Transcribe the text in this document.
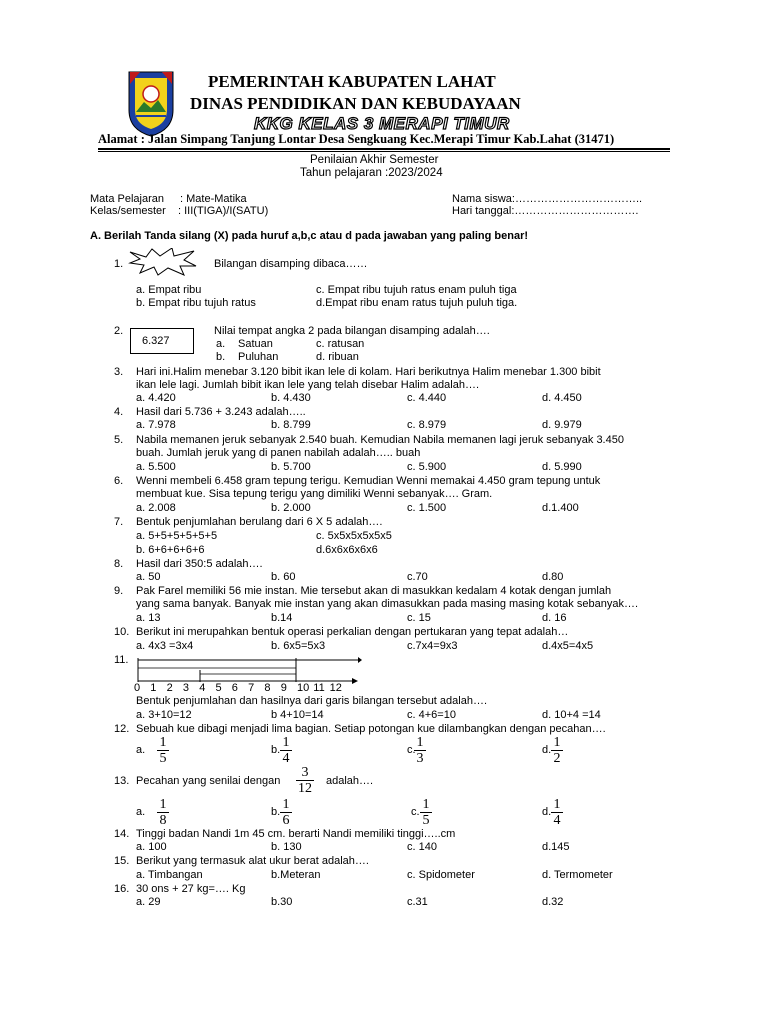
PEMERINTAH KABUPATEN LAHAT
DINAS PENDIDIKAN DAN KEBUDAYAAN
KKG KELAS 3 MERAPI TIMUR
Alamat : Jalan Simpang Tanjung Lontar Desa Sengkuang Kec.Merapi Timur Kab.Lahat (31471)
Penilaian Akhir Semester
Tahun pelajaran :2023/2024
Mata Pelajaran : Mate-Matika
Kelas/semester : III(TIGA)/I(SATU)
Nama siswa:……………………………..
Hari tanggal:…………………………….
A. Berilah Tanda silang (X) pada huruf a,b,c atau d pada jawaban yang paling benar!
1.	Bilangan disamping dibaca……
a. Empat ribu	c. Empat ribu tujuh ratus enam puluh tiga
b. Empat ribu tujuh ratus	d.Empat ribu enam ratus tujuh puluh tiga.
2.
6.327
Nilai tempat angka 2 pada bilangan disamping adalah….
a. Satuan	c. ratusan
b. Puluhan	d. ribuan
3. Hari ini.Halim menebar 3.120 bibit ikan lele di kolam. Hari berikutnya Halim menebar 1.300 bibit
ikan lele lagi. Jumlah bibit ikan lele yang telah disebar Halim adalah….
a. 4.420	b. 4.430	c. 4.440	d. 4.450
4. Hasil dari 5.736 + 3.243 adalah…..
a. 7.978	b. 8.799	c. 8.979	d. 9.979
5. Nabila memanen jeruk sebanyak 2.540 buah. Kemudian Nabila memanen lagi jeruk sebanyak 3.450
buah. Jumlah jeruk yang di panen nabilah adalah….. buah
a. 5.500	b. 5.700	c. 5.900	d. 5.990
6. Wenni membeli 6.458 gram tepung terigu. Kemudian Wenni memakai 4.450 gram tepung untuk
membuat kue. Sisa tepung terigu yang dimiliki Wenni sebanyak…. Gram.
a. 2.008	b. 2.000	c. 1.500	d.1.400
7. Bentuk penjumlahan berulang dari 6 X 5 adalah….
a. 5+5+5+5+5+5	c. 5x5x5x5x5x5
b. 6+6+6+6+6	d.6x6x6x6x6
8. Hasil dari 350:5 adalah….
a. 50	b. 60	c.70	d.80
9. Pak Farel memiliki 56 mie instan. Mie tersebut akan di masukkan kedalam 4 kotak dengan jumlah
yang sama banyak. Banyak mie instan yang akan dimasukkan pada masing masing kotak sebanyak….
a. 13	b.14	c. 15	d. 16
10. Berikut ini merupahkan bentuk operasi perkalian dengan pertukaran yang tepat adalah…
a. 4x3 =3x4	b. 6x5=5x3	c.7x4=9x3	d.4x5=4x5
11.
0 1 2 3 4 5 6 7 8 9 10 11 12
Bentuk penjumlahan dan hasilnya dari garis bilangan tersebut adalah….
a. 3+10=12	b 4+10=14	c. 4+6=10	d. 10+4 =14
12. Sebuah kue dibagi menjadi lima bagian. Setiap potongan kue dilambangkan dengan pecahan….
a. 1
5
b. 1
4
c. 1
3
d. 1
2
13. Pecahan yang senilai dengan
3
12 adalah….
a. 1
8
b. 1
6
c. 1
5
d. 1
4
14. Tinggi badan Nandi 1m 45 cm. berarti Nandi memiliki tinggi…..cm
a. 100	b. 130	c. 140	d.145
15. Berikut yang termasuk alat ukur berat adalah….
a. Timbangan	b.Meteran	c. Spidometer	d. Termometer
16. 30 ons + 27 kg=…. Kg
a. 29	b.30	c.31	d.32
